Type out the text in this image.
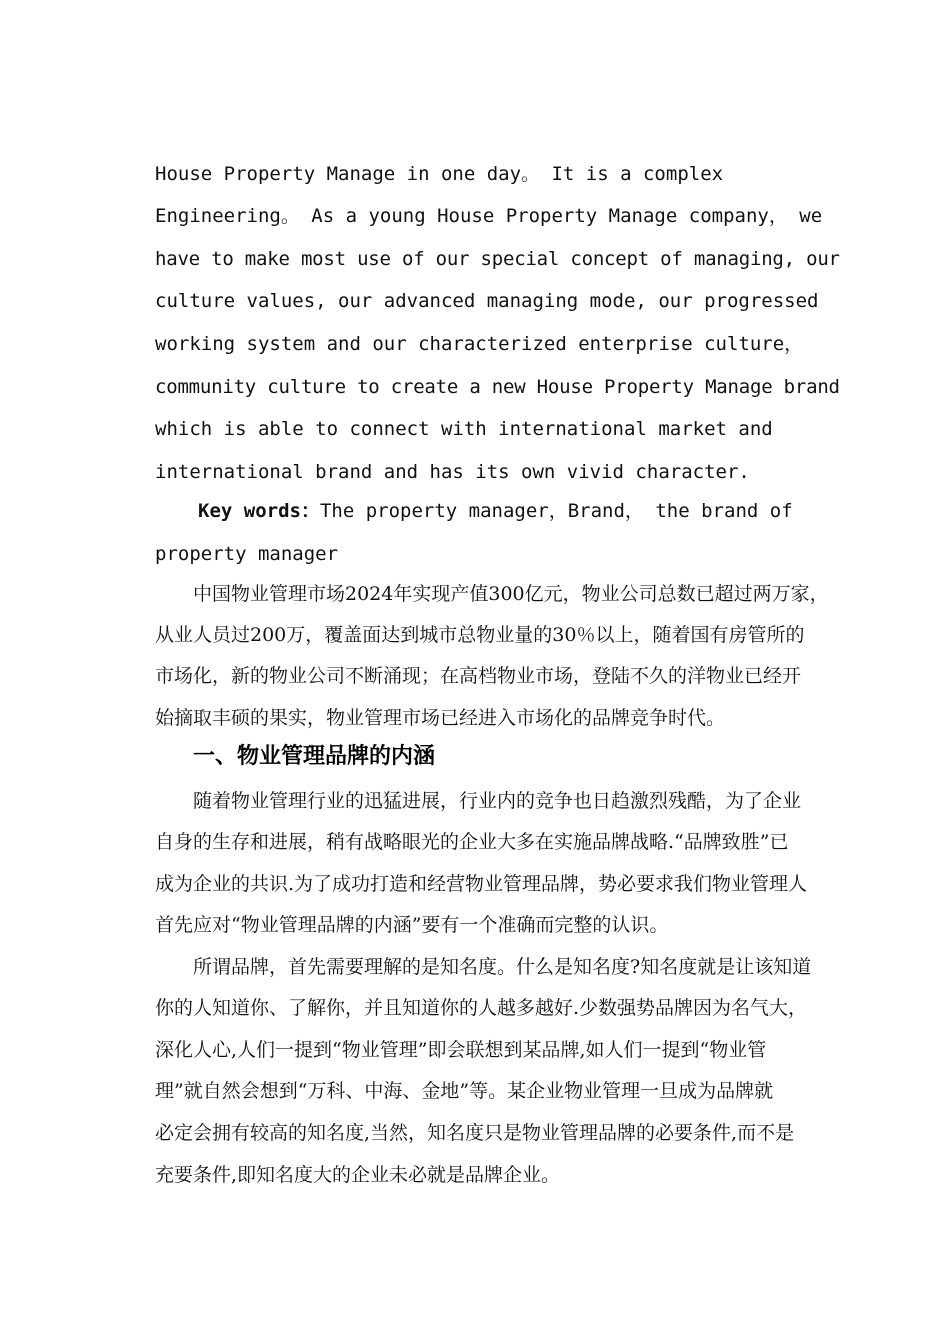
House Property Manage in one day。 It is a complex
Engineering。 As a young House Property Manage company， we
have to make most use of our special concept of managing, our
culture values, our advanced managing mode, our progressed
working system and our characterized enterprise culture，
community culture to create a new House Property Manage brand
which is able to connect with international market and
international brand and has its own vivid character.
Key words：The property manager，Brand， the brand of
property manager
中国物业管理市场2024年实现产值300亿元，物业公司总数已超过两万家，
从业人员过200万，覆盖面达到城市总物业量的30％以上，随着国有房管所的
市场化，新的物业公司不断涌现；在高档物业市场，登陆不久的洋物业已经开
始摘取丰硕的果实，物业管理市场已经进入市场化的品牌竞争时代。
一、物业管理品牌的内涵
随着物业管理行业的迅猛进展，行业内的竞争也日趋激烈残酷，为了企业
自身的生存和进展，稍有战略眼光的企业大多在实施品牌战略.“品牌致胜”已
成为企业的共识.为了成功打造和经营物业管理品牌，势必要求我们物业管理人
首先应对“物业管理品牌的内涵”要有一个准确而完整的认识。
所谓品牌，首先需要理解的是知名度。什么是知名度?知名度就是让该知道
你的人知道你、了解你，并且知道你的人越多越好.少数强势品牌因为名气大，
深化人心,人们一提到“物业管理”即会联想到某品牌,如人们一提到“物业管
理”就自然会想到“万科、中海、金地”等。某企业物业管理一旦成为品牌就
必定会拥有较高的知名度,当然，知名度只是物业管理品牌的必要条件,而不是
充要条件,即知名度大的企业未必就是品牌企业。
